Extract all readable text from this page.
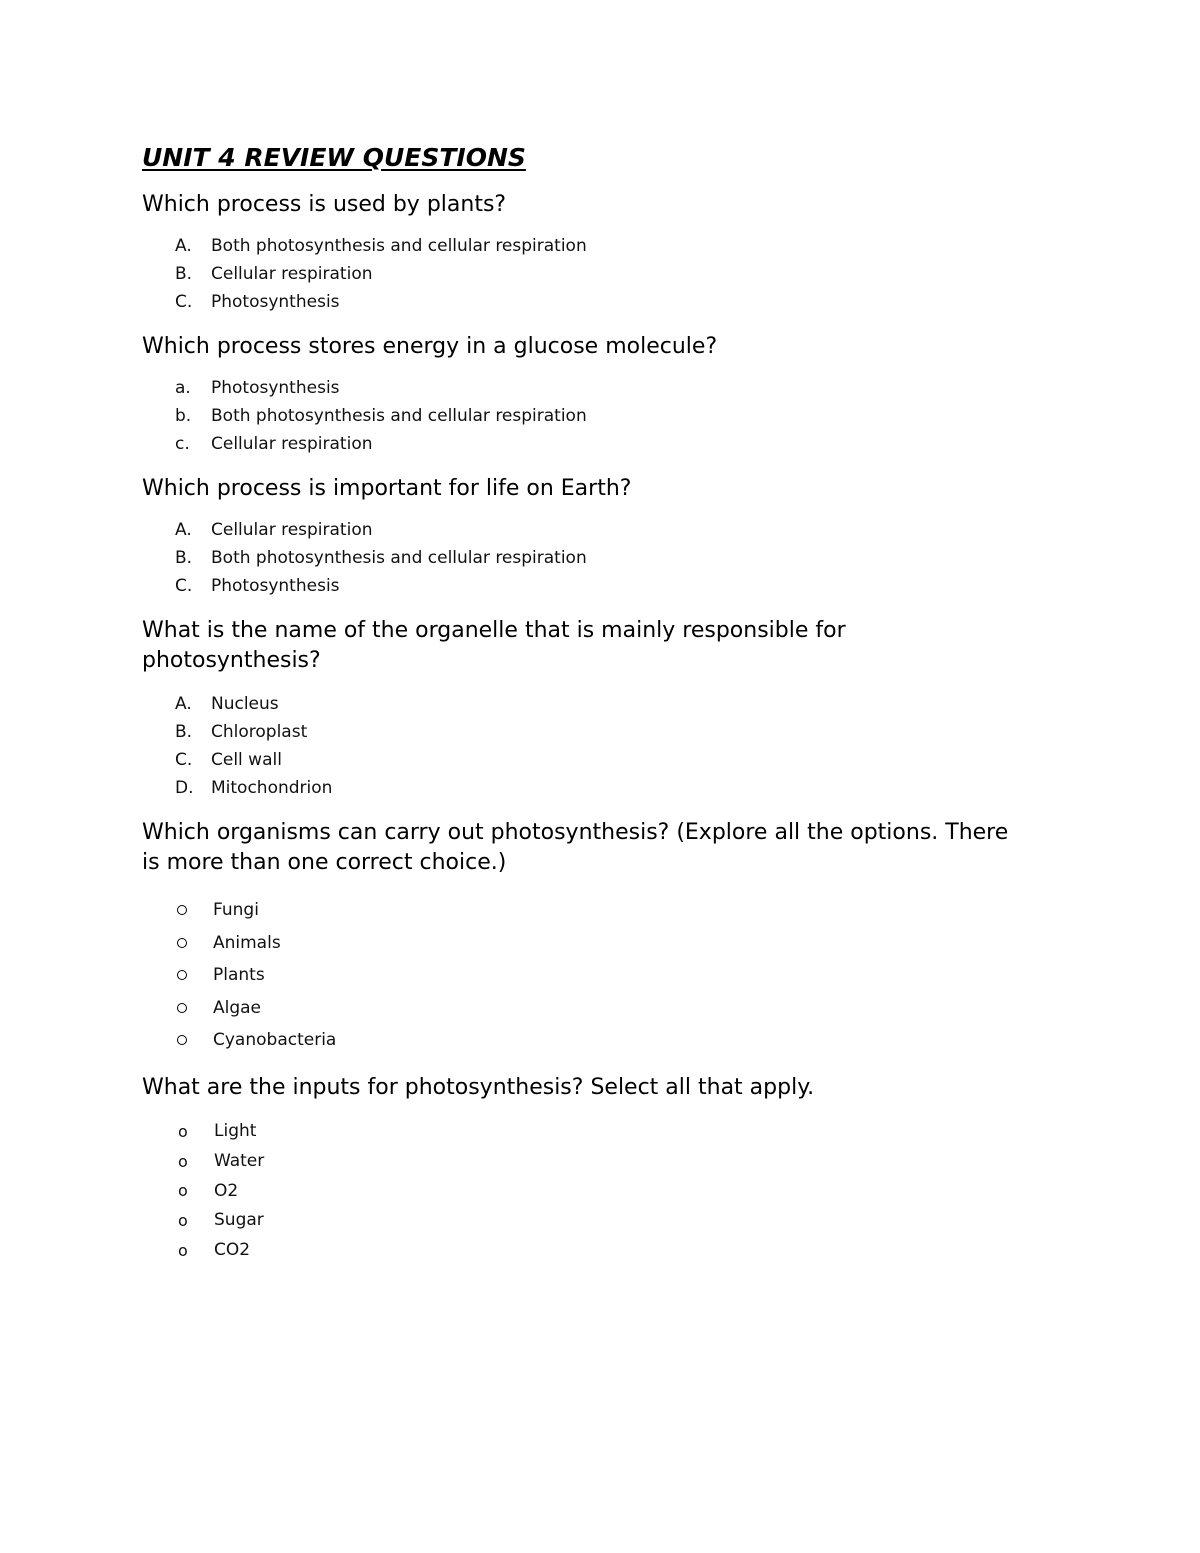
UNIT 4 REVIEW QUESTIONS

Which process is used by plants?

A.	Both photosynthesis and cellular respiration
B.	Cellular respiration
C.	Photosynthesis

Which process stores energy in a glucose molecule?

a.	Photosynthesis
b.	Both photosynthesis and cellular respiration
c.	Cellular respiration

Which process is important for life on Earth?

A.	Cellular respiration
B.	Both photosynthesis and cellular respiration
C.	Photosynthesis

What is the name of the organelle that is mainly responsible for photosynthesis?

A.	Nucleus
B.	Chloroplast
C.	Cell wall
D.	Mitochondrion

Which organisms can carry out photosynthesis? (Explore all the options. There is more than one correct choice.)

Fungi
Animals
Plants
Algae
Cyanobacteria

What are the inputs for photosynthesis? Select all that apply.

o	Light
o	Water
o	O2
o	Sugar
o	CO2
